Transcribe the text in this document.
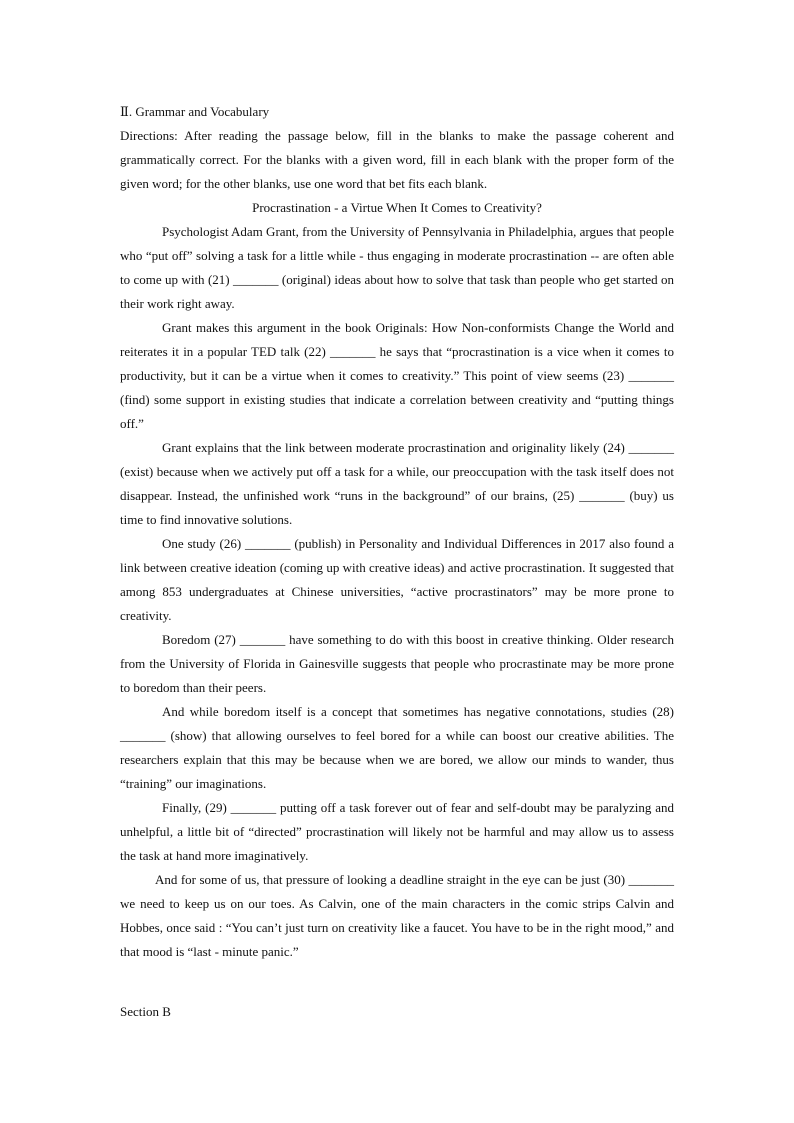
Ⅱ. Grammar and Vocabulary

Directions: After reading the passage below, fill in the blanks to make the passage coherent and grammatically correct. For the blanks with a given word, fill in each blank with the proper form of the given word; for the other blanks, use one word that bet fits each blank.

Procrastination - a Virtue When It Comes to Creativity?

Psychologist Adam Grant, from the University of Pennsylvania in Philadelphia, argues that people who “put off” solving a task for a little while - thus engaging in moderate procrastination -- are often able to come up with (21) _______ (original) ideas about how to solve that task than people who get started on their work right away.

Grant makes this argument in the book Originals: How Non-conformists Change the World and reiterates it in a popular TED talk (22) _______ he says that “procrastination is a vice when it comes to productivity, but it can be a virtue when it comes to creativity.” This point of view seems (23) _______ (find) some support in existing studies that indicate a correlation between creativity and “putting things off.”

Grant explains that the link between moderate procrastination and originality likely (24) _______ (exist) because when we actively put off a task for a while, our preoccupation with the task itself does not disappear. Instead, the unfinished work “runs in the background” of our brains, (25) _______ (buy) us time to find innovative solutions.

One study (26) _______ (publish) in Personality and Individual Differences in 2017 also found a link between creative ideation (coming up with creative ideas) and active procrastination. It suggested that among 853 undergraduates at Chinese universities, “active procrastinators” may be more prone to creativity.

Boredom (27) _______ have something to do with this boost in creative thinking. Older research from the University of Florida in Gainesville suggests that people who procrastinate may be more prone to boredom than their peers.

And while boredom itself is a concept that sometimes has negative connotations, studies (28) _______ (show) that allowing ourselves to feel bored for a while can boost our creative abilities. The researchers explain that this may be because when we are bored, we allow our minds to wander, thus “training” our imaginations.

Finally, (29) _______ putting off a task forever out of fear and self-doubt may be paralyzing and unhelpful, a little bit of “directed” procrastination will likely not be harmful and may allow us to assess the task at hand more imaginatively.

And for some of us, that pressure of looking a deadline straight in the eye can be just (30) _______ we need to keep us on our toes. As Calvin, one of the main characters in the comic strips Calvin and Hobbes, once said : “You can’t just turn on creativity like a faucet. You have to be in the right mood,” and that mood is “last - minute panic.”

Section B
